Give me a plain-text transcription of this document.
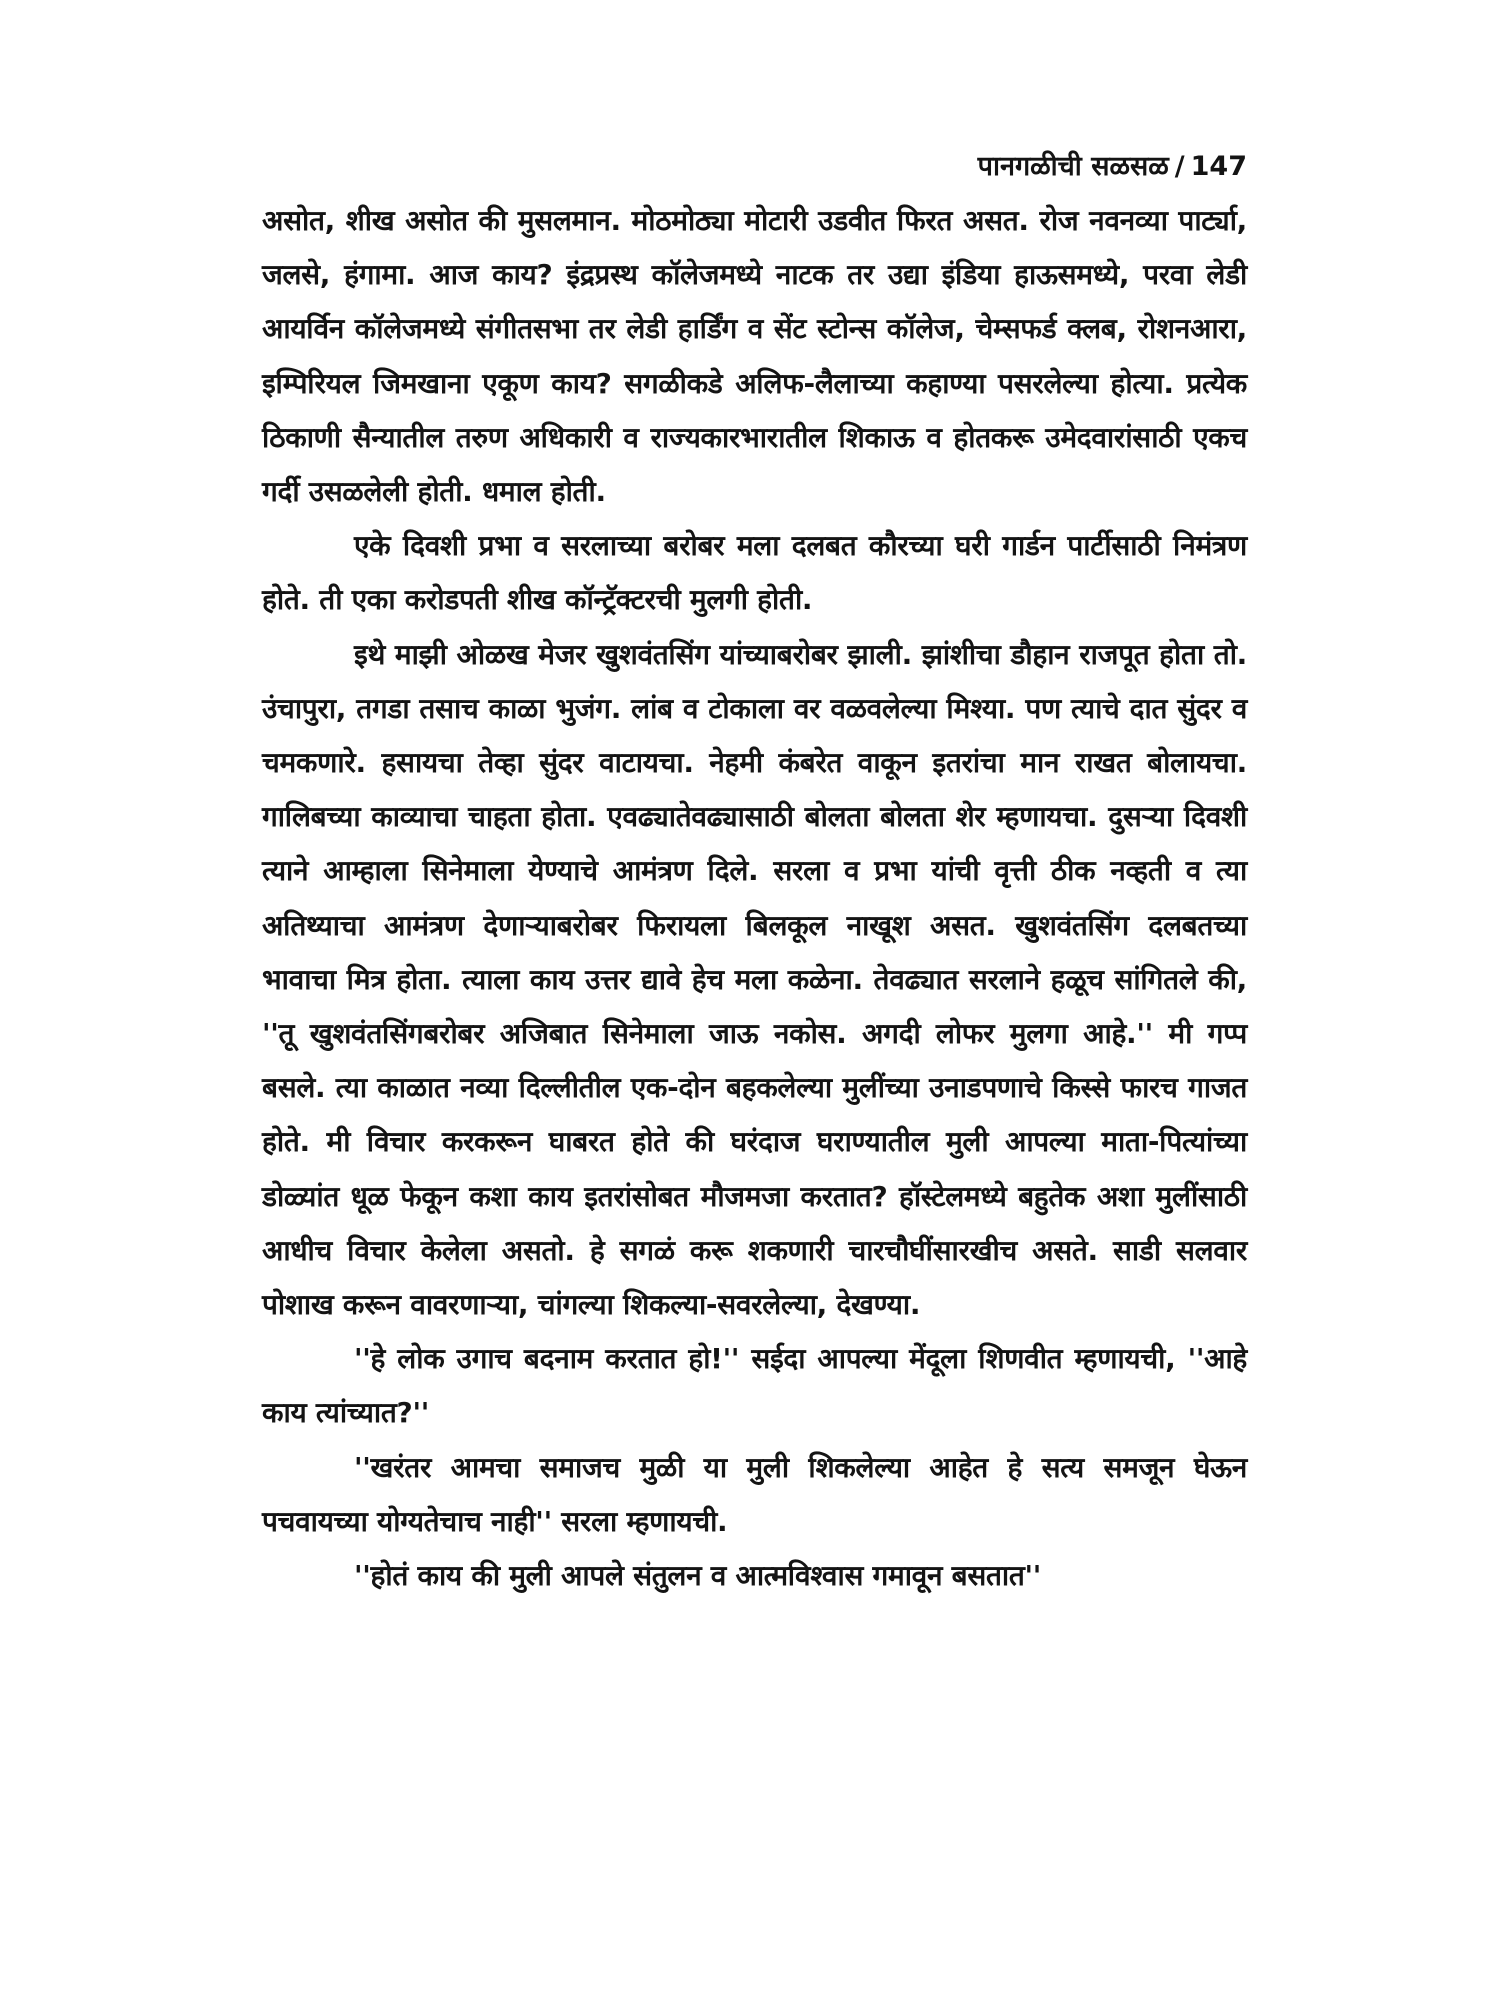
पानगळीची सळसळ / 147

असोत, शीख असोत की मुसलमान. मोठमोठ्या मोटारी उडवीत फिरत असत. रोज नवनव्या पार्ट्या, जलसे, हंगामा. आज काय? इंद्रप्रस्थ कॉलेजमध्ये नाटक तर उद्या इंडिया हाऊसमध्ये, परवा लेडी आयर्विन कॉलेजमध्ये संगीतसभा तर लेडी हार्डिंग व सेंट स्टोन्स कॉलेज, चेम्सफर्ड क्लब, रोशनआरा, इम्पिरियल जिमखाना एकूण काय? सगळीकडे अलिफ-लैलाच्या कहाण्या पसरलेल्या होत्या. प्रत्येक ठिकाणी सैन्यातील तरुण अधिकारी व राज्यकारभारातील शिकाऊ व होतकरू उमेदवारांसाठी एकच गर्दी उसळलेली होती. धमाल होती.

एके दिवशी प्रभा व सरलाच्या बरोबर मला दलबत कौरच्या घरी गार्डन पार्टीसाठी निमंत्रण होते. ती एका करोडपती शीख कॉन्ट्रॅक्टरची मुलगी होती.

इथे माझी ओळख मेजर खुशवंतसिंग यांच्याबरोबर झाली. झांशीचा डौहान राजपूत होता तो. उंचापुरा, तगडा तसाच काळा भुजंग. लांब व टोकाला वर वळवलेल्या मिश्या. पण त्याचे दात सुंदर व चमकणारे. हसायचा तेव्हा सुंदर वाटायचा. नेहमी कंबरेत वाकून इतरांचा मान राखत बोलायचा. गालिबच्या काव्याचा चाहता होता. एवढ्यातेवढ्यासाठी बोलता बोलता शेर म्हणायचा. दुसऱ्या दिवशी त्याने आम्हाला सिनेमाला येण्याचे आमंत्रण दिले. सरला व प्रभा यांची वृत्ती ठीक नव्हती व त्या अतिथ्याचा आमंत्रण देणाऱ्याबरोबर फिरायला बिलकूल नाखूश असत. खुशवंतसिंग दलबतच्या भावाचा मित्र होता. त्याला काय उत्तर द्यावे हेच मला कळेना. तेवढ्यात सरलाने हळूच सांगितले की, ''तू खुशवंतसिंगबरोबर अजिबात सिनेमाला जाऊ नकोस. अगदी लोफर मुलगा आहे.'' मी गप्प बसले. त्या काळात नव्या दिल्लीतील एक-दोन बहकलेल्या मुलींच्या उनाडपणाचे किस्से फारच गाजत होते. मी विचार करकरून घाबरत होते की घरंदाज घराण्यातील मुली आपल्या माता-पित्यांच्या डोळ्यांत धूळ फेकून कशा काय इतरांसोबत मौजमजा करतात? हॉस्टेलमध्ये बहुतेक अशा मुलींसाठी आधीच विचार केलेला असतो. हे सगळं करू शकणारी चारचौघींसारखीच असते. साडी सलवार पोशाख करून वावरणाऱ्या, चांगल्या शिकल्या-सवरलेल्या, देखण्या.

''हे लोक उगाच बदनाम करतात हो!'' सईदा आपल्या मेंदूला शिणवीत म्हणायची, ''आहे काय त्यांच्यात?''

''खरंतर आमचा समाजच मुळी या मुली शिकलेल्या आहेत हे सत्य समजून घेऊन पचवायच्या योग्यतेचाच नाही'' सरला म्हणायची.

''होतं काय की मुली आपले संतुलन व आत्मविश्वास गमावून बसतात''
